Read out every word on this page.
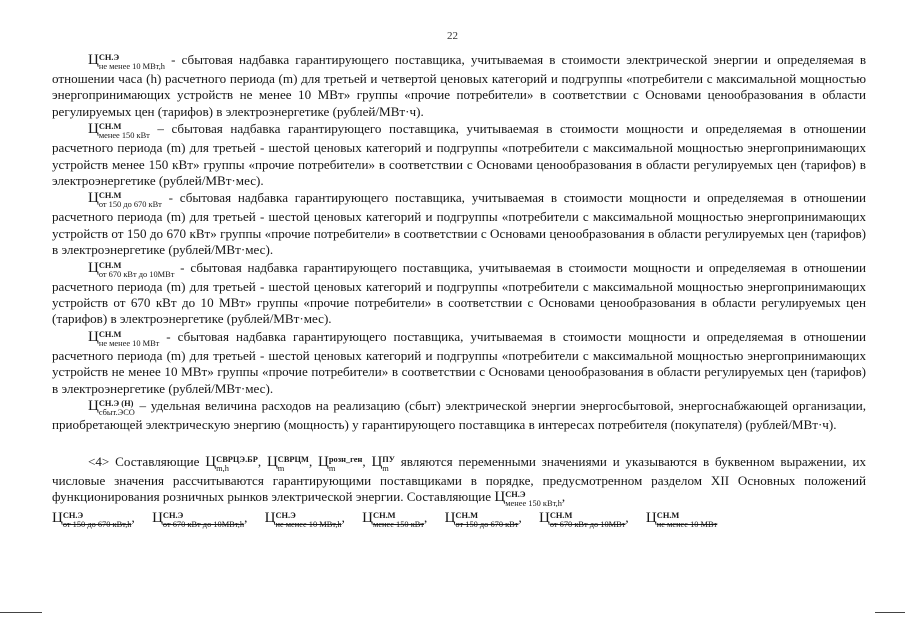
22

Ц СН.Э
не менее 10 МВт,h - сбытовая надбавка гарантирующего поставщика, учитываемая в стоимости электрической энергии и определяемая в отношении часа (h) расчетного периода (m) для третьей и четвертой ценовых категорий и подгруппы «потребители с максимальной мощностью энергопринимающих устройств не менее 10 МВт» группы «прочие потребители» в соответствии с Основами ценообразования в области регулируемых цен (тарифов) в электроэнергетике (рублей/МВт·ч).

Ц СН.М
менее 150 кВт – сбытовая надбавка гарантирующего поставщика, учитываемая в стоимости мощности и определяемая в отношении расчетного периода (m) для третьей - шестой ценовых категорий и подгруппы «потребители с максимальной мощностью энергопринимающих устройств менее 150 кВт» группы «прочие потребители» в соответствии с Основами ценообразования в области регулируемых цен (тарифов) в электроэнергетике (рублей/МВт·мес).

Ц СН.М
от 150 до 670 кВт - сбытовая надбавка гарантирующего поставщика, учитываемая в стоимости мощности и определяемая в отношении расчетного периода (m) для третьей - шестой ценовых категорий и подгруппы «потребители с максимальной мощностью энергопринимающих устройств от 150 до 670 кВт» группы «прочие потребители» в соответствии с Основами ценообразования в области регулируемых цен (тарифов) в электроэнергетике (рублей/МВт·мес).

Ц СН.М
от 670 кВт до 10МВт - сбытовая надбавка гарантирующего поставщика, учитываемая в стоимости мощности и определяемая в отношении расчетного периода (m) для третьей - шестой ценовых категорий и подгруппы «потребители с максимальной мощностью энергопринимающих устройств от 670 кВт до 10 МВт» группы «прочие потребители» в соответствии с Основами ценообразования в области регулируемых цен (тарифов) в электроэнергетике (рублей/МВт·мес).

Ц СН.М
не менее 10 МВт - сбытовая надбавка гарантирующего поставщика, учитываемая в стоимости мощности и определяемая в отношении расчетного периода (m) для третьей - шестой ценовых категорий и подгруппы «потребители с максимальной мощностью энергопринимающих устройств не менее 10 МВт» группы «прочие потребители» в соответствии с Основами ценообразования в области регулируемых цен (тарифов) в электроэнергетике (рублей/МВт·мес).

Ц СН.Э (Н)
сбыт.ЭСО – удельная величина расходов на реализацию (сбыт) электрической энергии энергосбытовой, энергоснабжающей организации, приобретающей электрическую энергию (мощность) у гарантирующего поставщика в интересах потребителя (покупателя) (рублей/МВт·ч).

<4> Составляющие Ц СВРЦЭ.БР
m,h	, Ц СВРЦМ
m	, Ц розн_ген
m	, Ц ПУ
m являются переменными значениями и указываются в буквенном выражении, их числовые значения рассчитываются гарантирующими поставщиками в порядке, предусмотренном разделом XII Основных положений функционирования розничных рынков электрической энергии. Составляющие Ц СН.Э
менее 150 кВт,h ,

Ц СН.Э
от 150 до 670 кВт,h , Ц СН.Э
от 670 кВт до 10МВт,h , Ц СН.Э
не менее 10 МВт,h , Ц СН.М
менее 150 кВт , Ц СН.М
от 150 до 670 кВт , Ц СН.М
от 670 кВт до 10МВт , Ц СН.М
не менее 10 МВт
